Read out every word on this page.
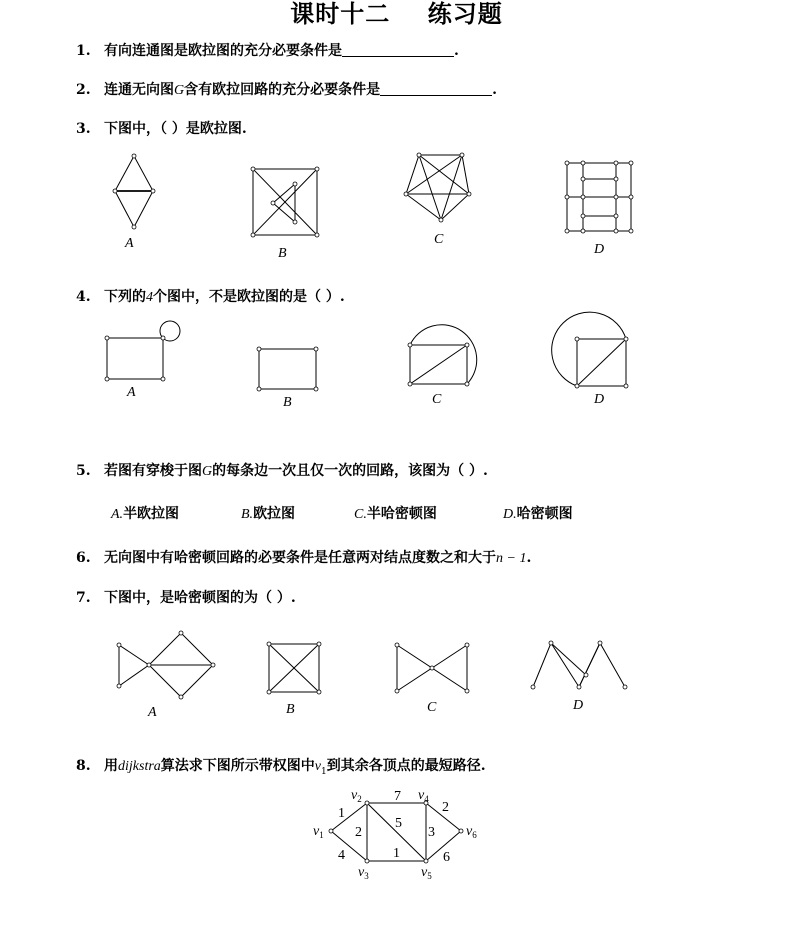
课时十二    练习题
1. 有向连通图是欧拉图的充分必要条件是	.
2. 连通无向图G含有欧拉回路的充分必要条件是	.
3. 下图中，（ ）是欧拉图.
A
B
C
D
4. 下列的4个图中，不是欧拉图的是（ ）.
A
B	C	D
5. 若图有穿梭于图G的每条边一次且仅一次的回路，该图为（ ）.
A.半欧拉图	B.欧拉图	C.半哈密顿图	D.哈密顿图
6. 无向图中有哈密顿回路的必要条件是任意两对结点度数之和大于n − 1.
7. 下图中，是哈密顿图的为（ ）.
A	B	C	D
8. 用dijkstra算法求下图所示带权图中$v_1$到其余各顶点的最短路径.
$v_2$	$v_4$
$v_1$	$v_6$
$v_3$	$v_5$
1
7
2
2
5
3
4	1	6
